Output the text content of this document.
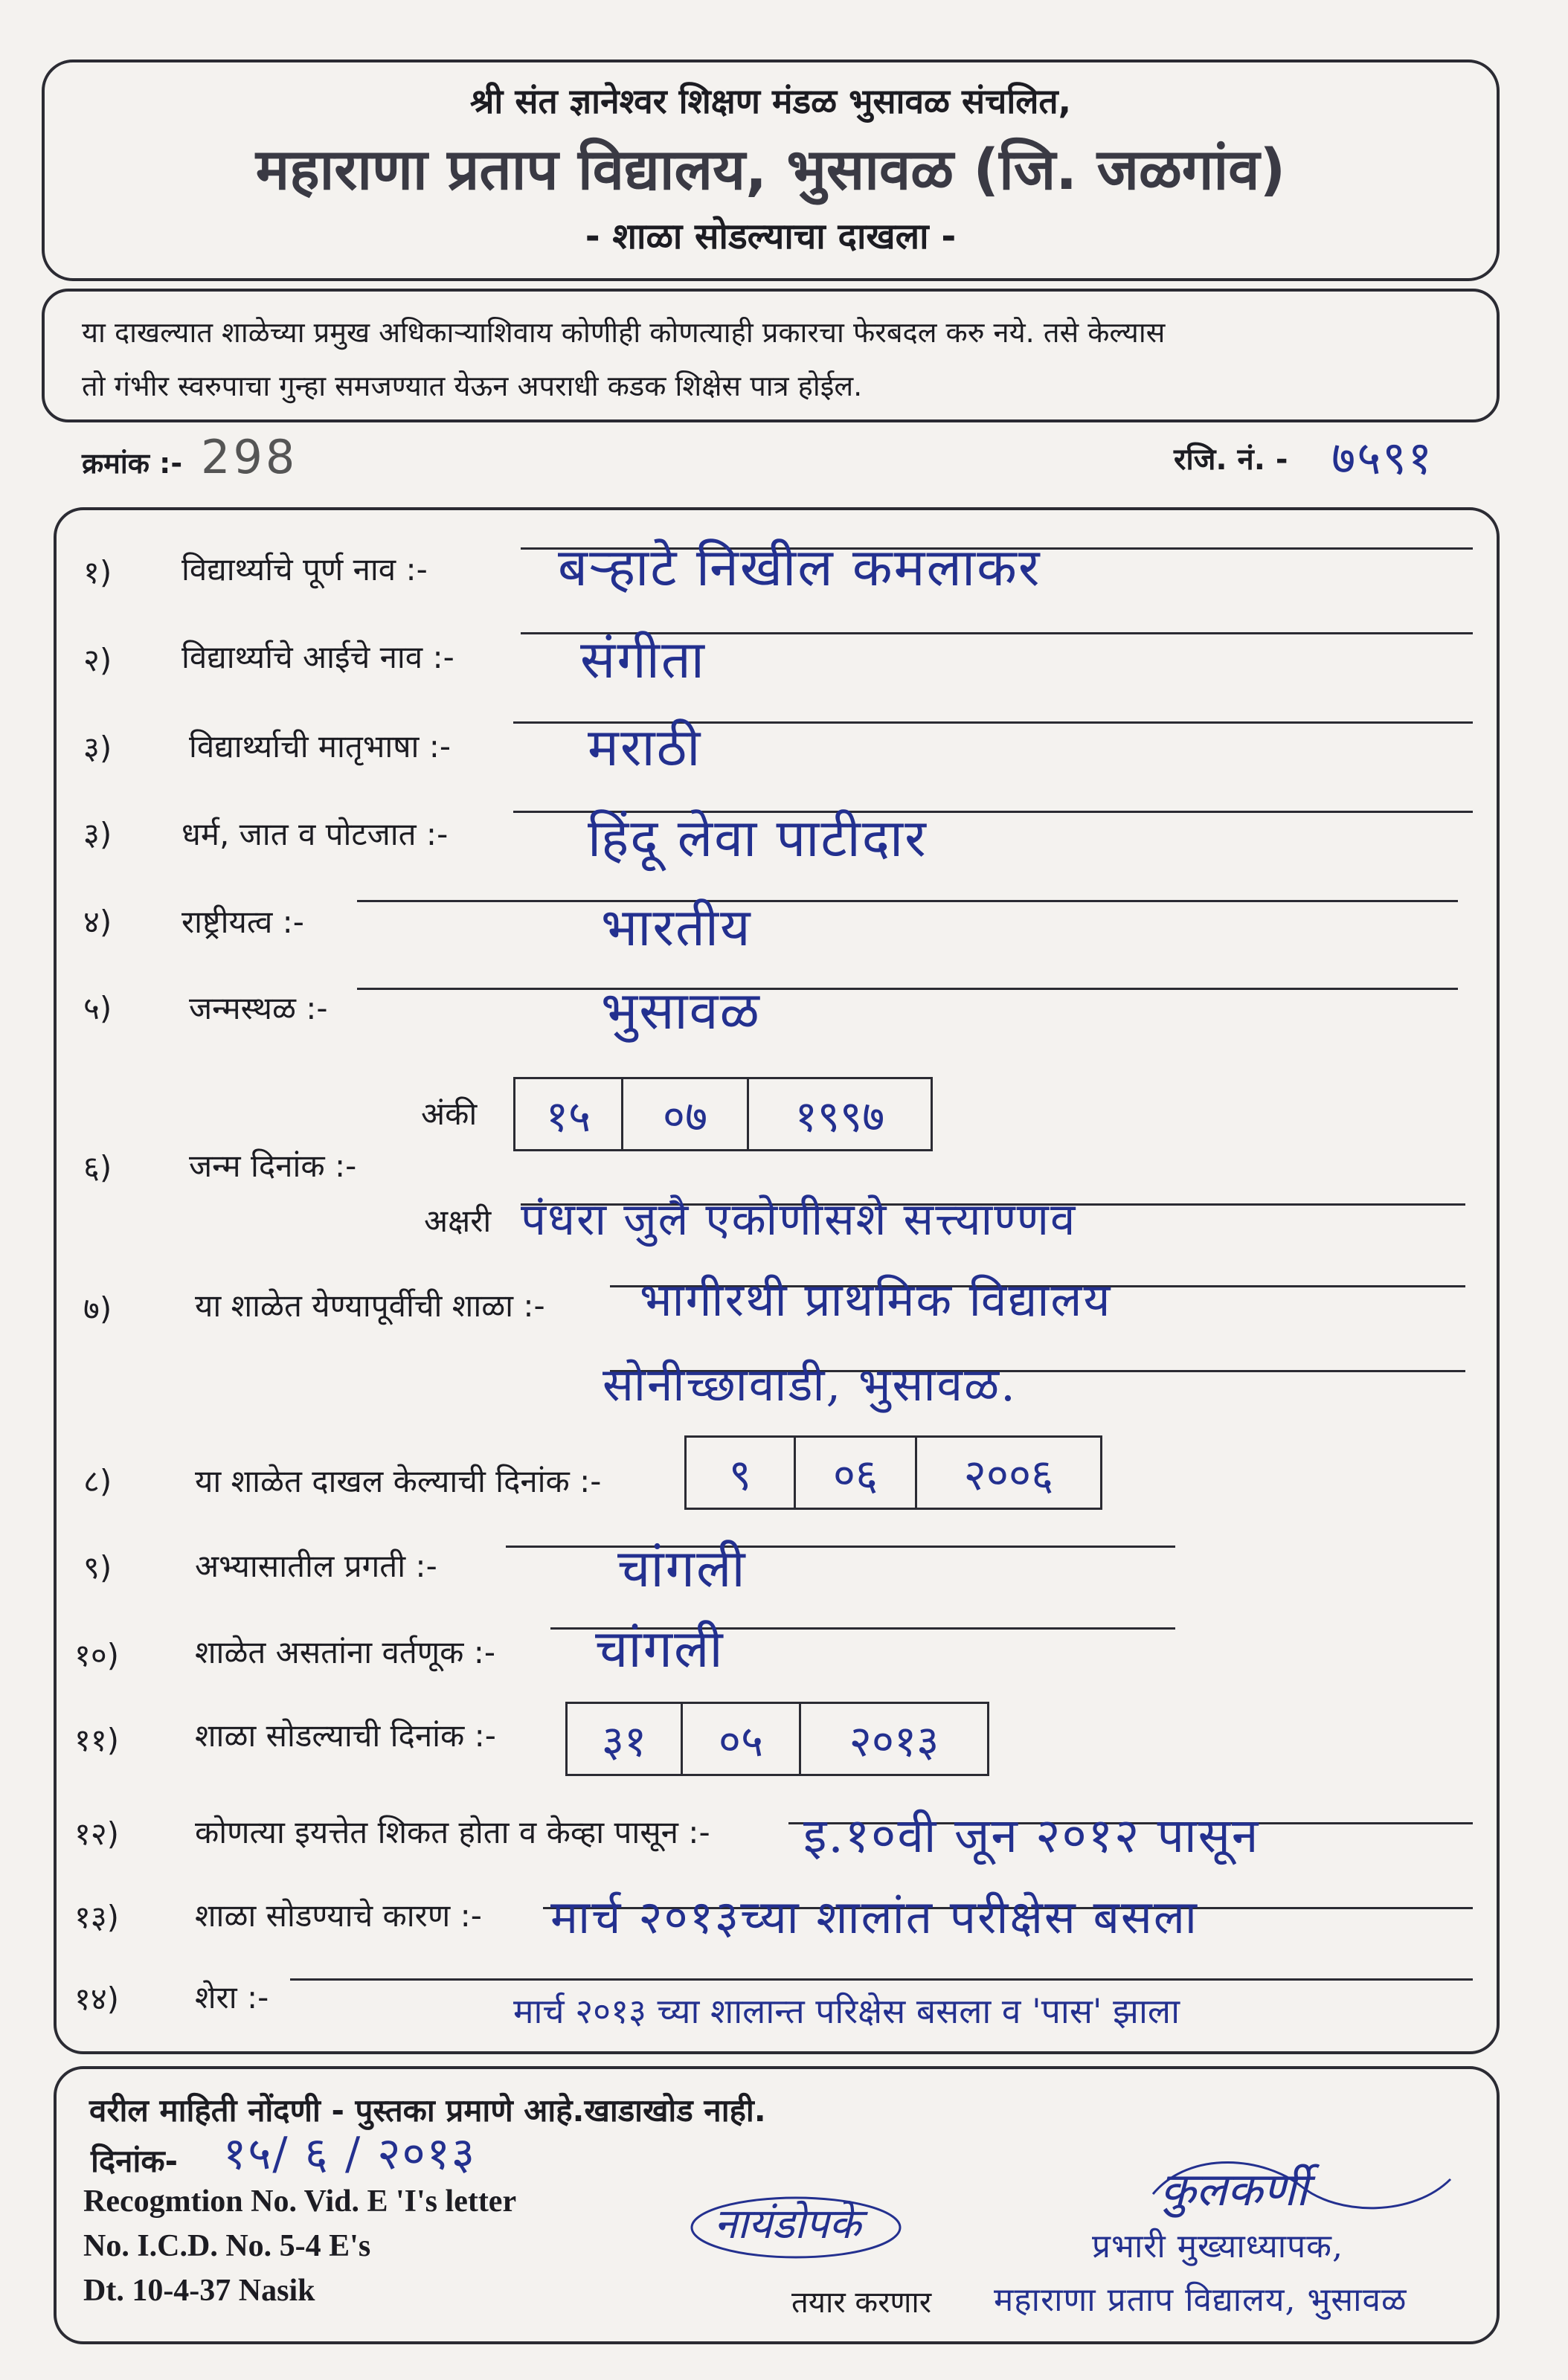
श्री संत ज्ञानेश्वर शिक्षण मंडळ भुसावळ संचलित,
महाराणा प्रताप विद्यालय, भुसावळ (जि. जळगांव)
- शाळा सोडल्याचा दाखला -
या दाखल्यात शाळेच्या प्रमुख अधिकाऱ्याशिवाय कोणीही कोणत्याही प्रकारचा फेरबदल करु नये. तसे केल्यास
तो गंभीर स्वरुपाचा गुन्हा समजण्यात येऊन अपराधी कडक शिक्षेस पात्र होईल.
क्रमांक :- 298	रजि. नं. - ७५९१
१) विद्यार्थ्याचे पूर्ण नाव :-	बऱ्हाटे निखील कमलाकर
२) विद्यार्थ्याचे आईचे नाव :- संगीता
३) विद्यार्थ्याची मातृभाषा :-	मराठी
३) धर्म, जात व पोटजात :-	हिंदू लेवा पाटीदार
४) राष्ट्रीयत्व :-	भारतीय
५) जन्मस्थळ :-	भुसावळ
अंकी	१५	०७	१९९७
६) जन्म दिनांक :-
अक्षरी पंधरा जुलै एकोणीसशे सत्त्याण्णव
७)	या शाळेत येण्यापूर्वीची शाळा :- भागीरथी प्राथमिक विद्यालय
सोनीच्छावाडी, भुसावळ.
८)	या शाळेत दाखल केल्याची दिनांक :-	९	०६	२००६
९)	अभ्यासातील प्रगती :-	चांगली
१०) शाळेत असतांना वर्तणूक :- चांगली
११) शाळा सोडल्याची दिनांक :-	३१	०५	२०१३
१२) कोणत्या इयत्तेत शिकत होता व केव्हा पासून :- इ.१०वी जून २०१२ पासून
१३) शाळा सोडण्याचे कारण :- मार्च २०१३च्या शालांत परीक्षेस बसला
१४) शेरा :-	मार्च २०१३ च्या शालान्त परिक्षेस बसला व 'पास' झाला
वरील माहिती नोंदणी - पुस्तका प्रमाणे आहे.खाडाखोड नाही.
दिनांक- १५/ ६ / २०१३
Recogmtion No. Vid. E 'I's letter
No. I.C.D. No. 5-4 E's
Dt. 10-4-37 Nasik
नायंडोपके
तयार करणार
कुलकर्णी
प्रभारी मुख्याध्यापक,
महाराणा प्रताप विद्यालय, भुसावळ
